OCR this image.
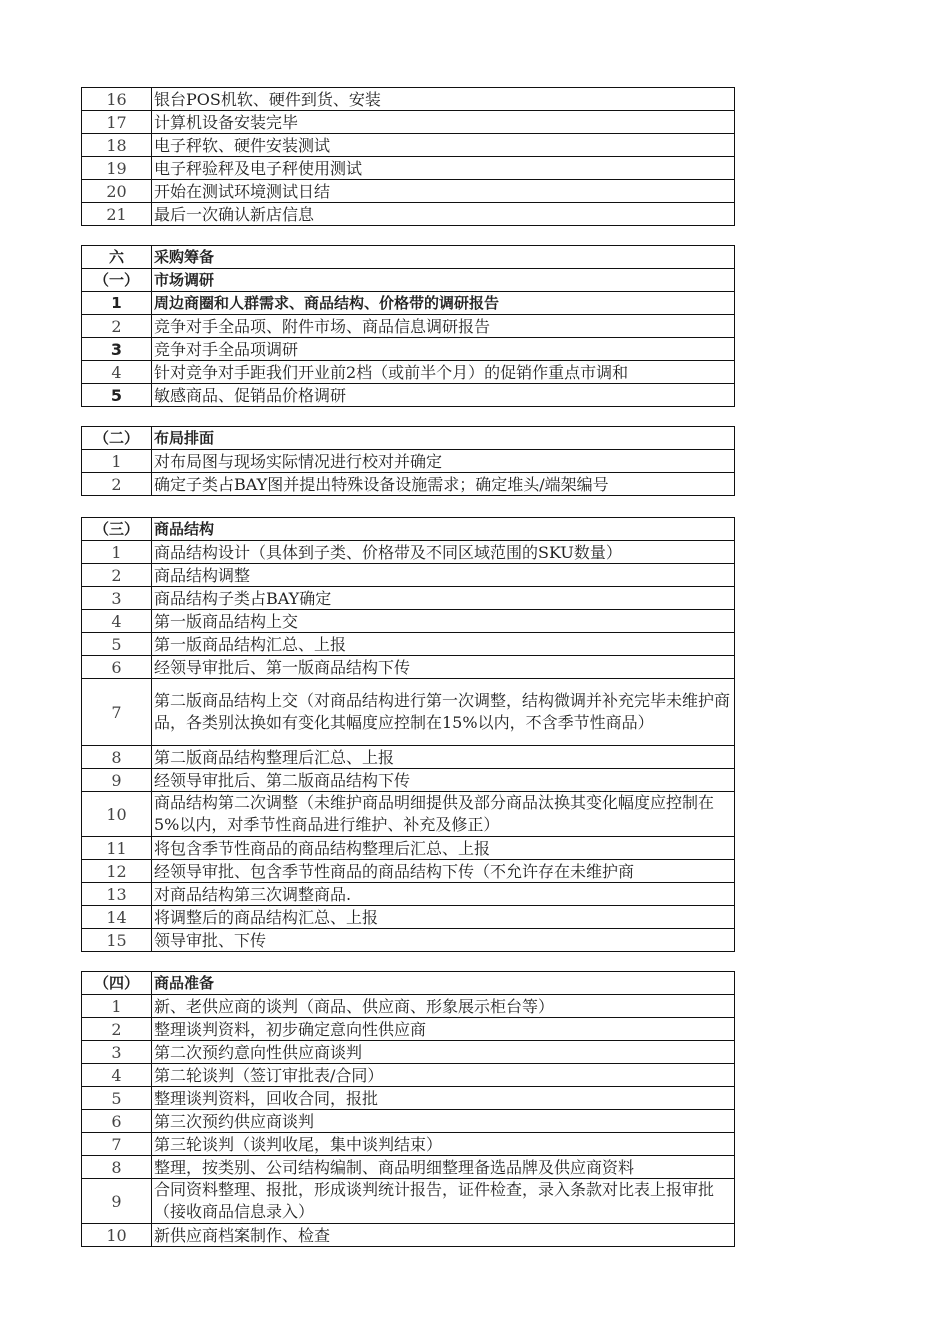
16	银台POS机软、硬件到货、安装
17	计算机设备安装完毕
18	电子秤软、硬件安装测试
19	电子秤验秤及电子秤使用测试
20	开始在测试环境测试日结
21	最后一次确认新店信息
六	采购筹备
（一）	市场调研
1	周边商圈和人群需求、商品结构、价格带的调研报告
2	竞争对手全品项、附件市场、商品信息调研报告
3	竞争对手全品项调研
4	针对竞争对手距我们开业前2档（或前半个月）的促销作重点市调和
5	敏感商品、促销品价格调研
（二）	布局排面
1	对布局图与现场实际情况进行校对并确定
2	确定子类占BAY图并提出特殊设备设施需求；确定堆头/端架编号
（三）	商品结构
1	商品结构设计（具体到子类、价格带及不同区域范围的SKU数量）
2	商品结构调整
3	商品结构子类占BAY确定
4	第一版商品结构上交
5	第一版商品结构汇总、上报
6	经领导审批后、第一版商品结构下传
7	第二版商品结构上交（对商品结构进行第一次调整，结构微调并补充完毕未维护商品，各类别汰换如有变化其幅度应控制在15%以内，不含季节性商品）
8	第二版商品结构整理后汇总、上报
9	经领导审批后、第二版商品结构下传
10	商品结构第二次调整（未维护商品明细提供及部分商品汰换其变化幅度应控制在5%以内，对季节性商品进行维护、补充及修正）
11	将包含季节性商品的商品结构整理后汇总、上报
12	经领导审批、包含季节性商品的商品结构下传（不允许存在未维护商
13	对商品结构第三次调整商品.
14	将调整后的商品结构汇总、上报
15	领导审批、下传
（四）	商品准备
1	新、老供应商的谈判（商品、供应商、形象展示柜台等）
2	整理谈判资料，初步确定意向性供应商
3	第二次预约意向性供应商谈判
4	第二轮谈判（签订审批表/合同）
5	整理谈判资料，回收合同，报批
6	第三次预约供应商谈判
7	第三轮谈判（谈判收尾，集中谈判结束）
8	整理，按类别、公司结构编制、商品明细整理备选品牌及供应商资料
9	合同资料整理、报批，形成谈判统计报告，证件检查，录入条款对比表上报审批（接收商品信息录入）
10	新供应商档案制作、检查
